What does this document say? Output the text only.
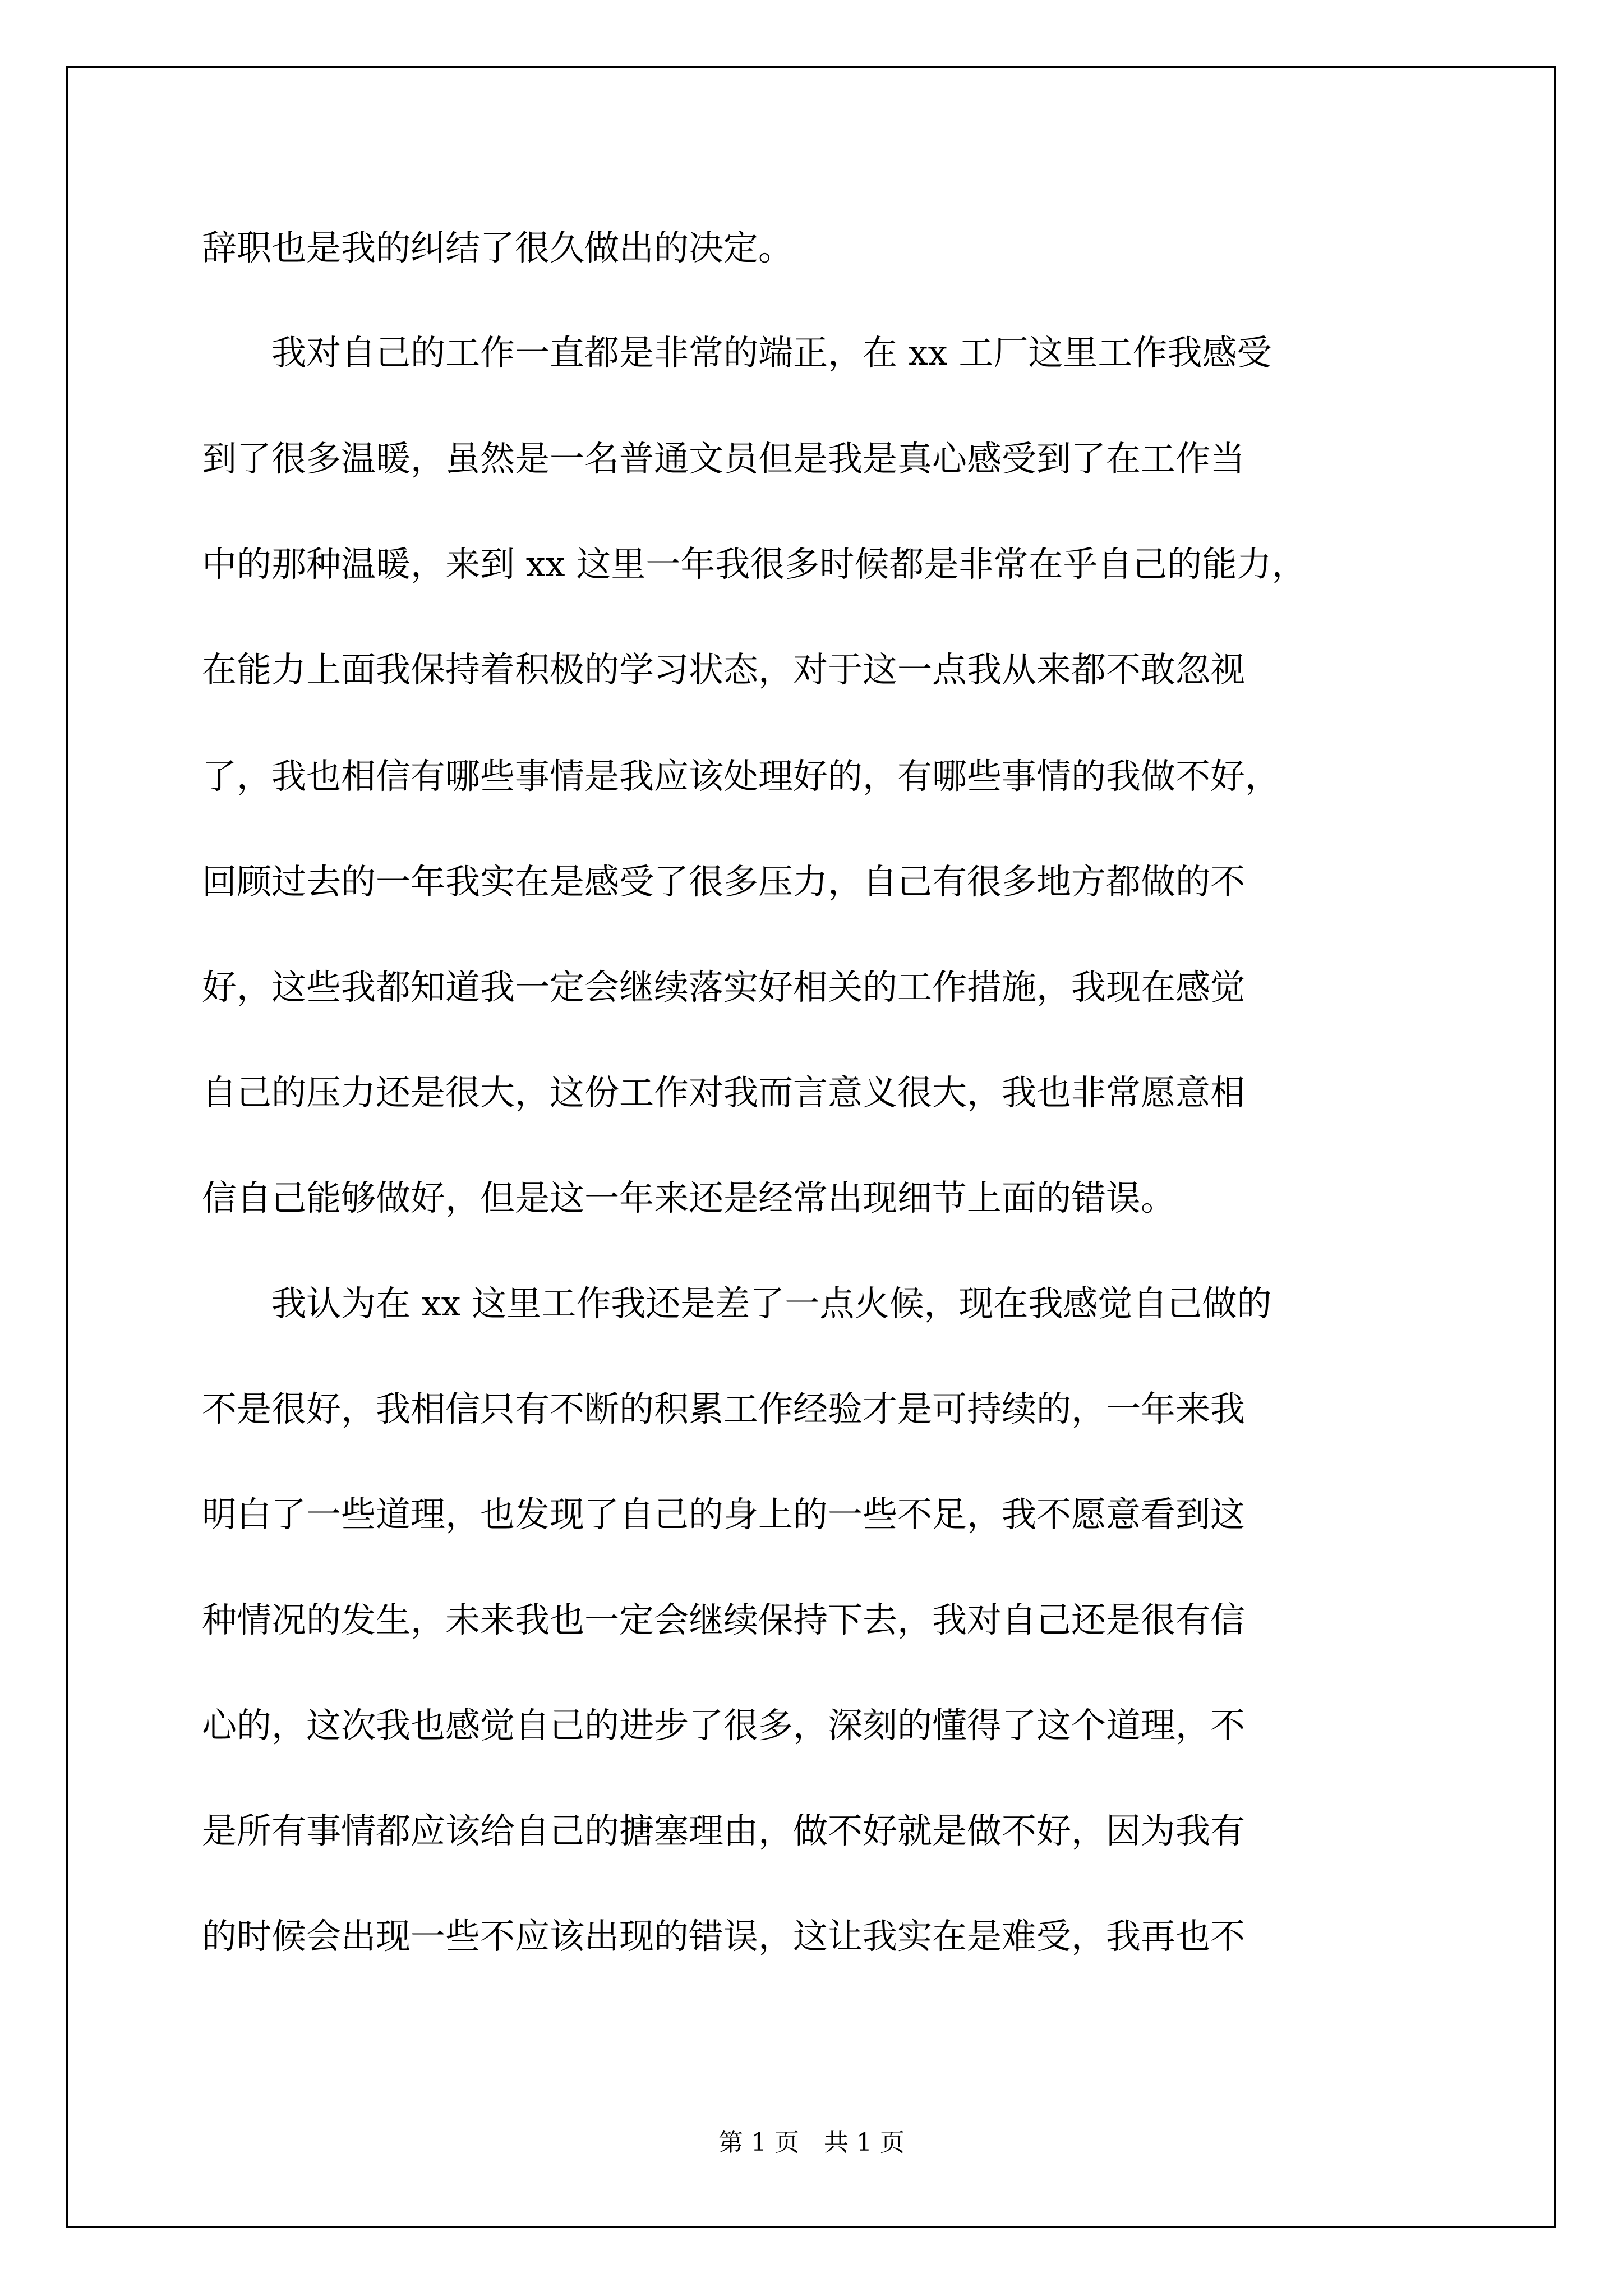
辞职也是我的纠结了很久做出的决定。
　　我对自己的工作一直都是非常的端正，在 xx 工厂这里工作我感受
到了很多温暖，虽然是一名普通文员但是我是真心感受到了在工作当
中的那种温暖，来到 xx 这里一年我很多时候都是非常在乎自己的能力，
在能力上面我保持着积极的学习状态，对于这一点我从来都不敢忽视
了，我也相信有哪些事情是我应该处理好的，有哪些事情的我做不好，
回顾过去的一年我实在是感受了很多压力，自己有很多地方都做的不
好，这些我都知道我一定会继续落实好相关的工作措施，我现在感觉
自己的压力还是很大，这份工作对我而言意义很大，我也非常愿意相
信自己能够做好，但是这一年来还是经常出现细节上面的错误。
　　我认为在 xx 这里工作我还是差了一点火候，现在我感觉自己做的
不是很好，我相信只有不断的积累工作经验才是可持续的，一年来我
明白了一些道理，也发现了自己的身上的一些不足，我不愿意看到这
种情况的发生，未来我也一定会继续保持下去，我对自己还是很有信
心的，这次我也感觉自己的进步了很多，深刻的懂得了这个道理，不
是所有事情都应该给自己的搪塞理由，做不好就是做不好，因为我有
的时候会出现一些不应该出现的错误，这让我实在是难受，我再也不
第 1 页　共 1 页
